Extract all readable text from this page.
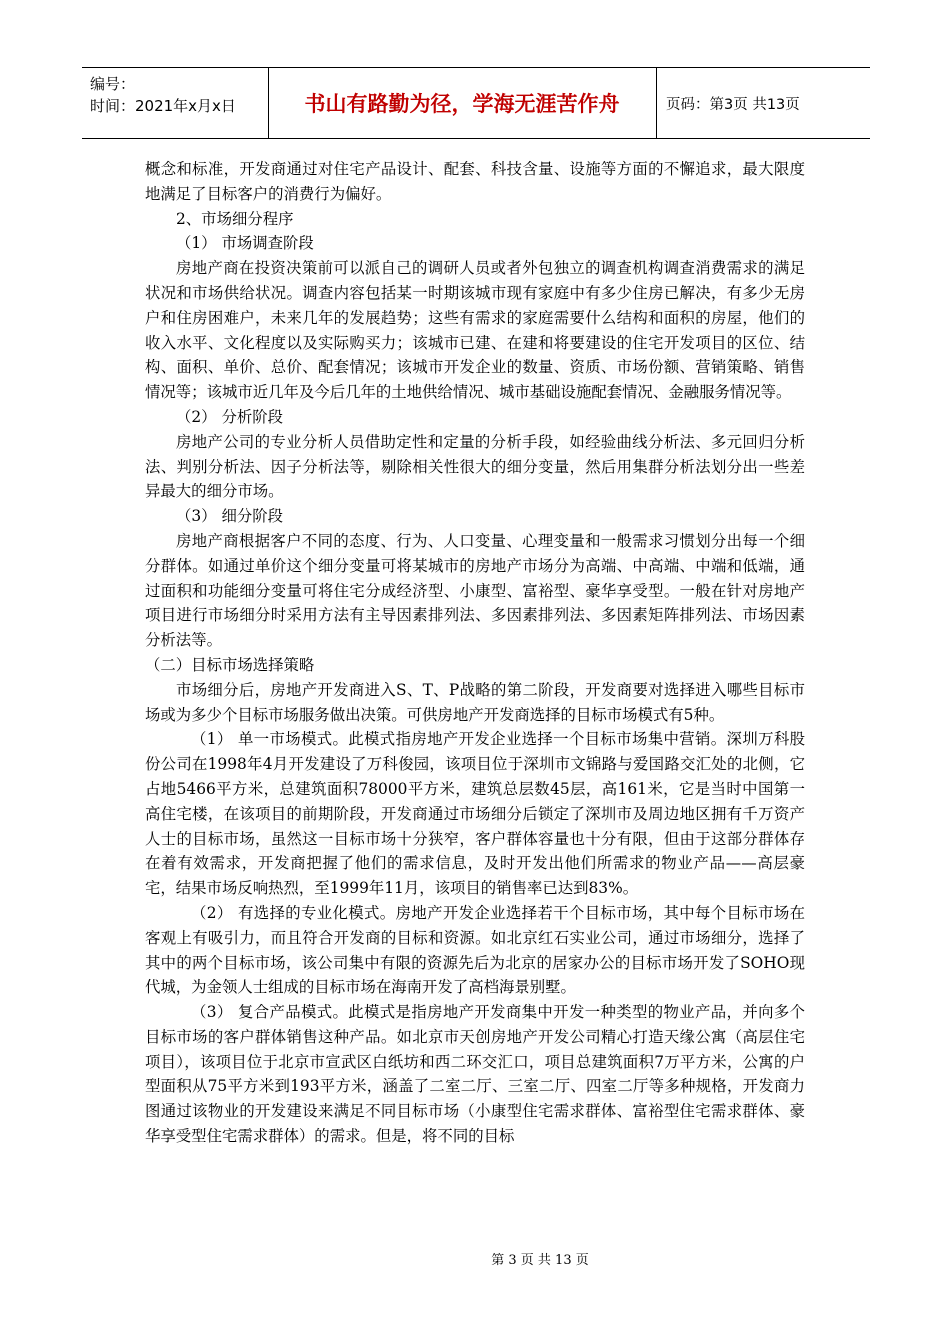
编号：
时间：2021年x月x日	书山有路勤为径，学海无涯苦作舟	页码：第3页 共13页

概念和标准，开发商通过对住宅产品设计、配套、科技含量、设施等方面的不懈追求，最大限度地满足了目标客户的消费行为偏好。

2、市场细分程序

（1） 市场调查阶段

房地产商在投资决策前可以派自己的调研人员或者外包独立的调查机构调查消费需求的满足状况和市场供给状况。调查内容包括某一时期该城市现有家庭中有多少住房已解决，有多少无房户和住房困难户，未来几年的发展趋势；这些有需求的家庭需要什么结构和面积的房屋，他们的收入水平、文化程度以及实际购买力；该城市已建、在建和将要建设的住宅开发项目的区位、结构、面积、单价、总价、配套情况；该城市开发企业的数量、资质、市场份额、营销策略、销售情况等；该城市近几年及今后几年的土地供给情况、城市基础设施配套情况、金融服务情况等。

（2） 分析阶段

房地产公司的专业分析人员借助定性和定量的分析手段，如经验曲线分析法、多元回归分析法、判别分析法、因子分析法等，剔除相关性很大的细分变量，然后用集群分析法划分出一些差异最大的细分市场。

（3） 细分阶段

房地产商根据客户不同的态度、行为、人口变量、心理变量和一般需求习惯划分出每一个细分群体。如通过单价这个细分变量可将某城市的房地产市场分为高端、中高端、中端和低端，通过面积和功能细分变量可将住宅分成经济型、小康型、富裕型、豪华享受型。一般在针对房地产项目进行市场细分时采用方法有主导因素排列法、多因素排列法、多因素矩阵排列法、市场因素分析法等。

（二）目标市场选择策略

市场细分后，房地产开发商进入S、T、P战略的第二阶段，开发商要对选择进入哪些目标市场或为多少个目标市场服务做出决策。可供房地产开发商选择的目标市场模式有5种。

（1） 单一市场模式。此模式指房地产开发企业选择一个目标市场集中营销。深圳万科股份公司在1998年4月开发建设了万科俊园，该项目位于深圳市文锦路与爱国路交汇处的北侧，它占地5466平方米，总建筑面积78000平方米，建筑总层数45层，高161米，它是当时中国第一高住宅楼，在该项目的前期阶段，开发商通过市场细分后锁定了深圳市及周边地区拥有千万资产人士的目标市场，虽然这一目标市场十分狭窄，客户群体容量也十分有限，但由于这部分群体存在着有效需求，开发商把握了他们的需求信息，及时开发出他们所需求的物业产品——高层豪宅，结果市场反响热烈，至1999年11月，该项目的销售率已达到83%。

（2） 有选择的专业化模式。房地产开发企业选择若干个目标市场，其中每个目标市场在客观上有吸引力，而且符合开发商的目标和资源。如北京红石实业公司，通过市场细分，选择了其中的两个目标市场，该公司集中有限的资源先后为北京的居家办公的目标市场开发了SOHO现代城，为金领人士组成的目标市场在海南开发了高档海景别墅。

（3） 复合产品模式。此模式是指房地产开发商集中开发一种类型的物业产品，并向多个目标市场的客户群体销售这种产品。如北京市天创房地产开发公司精心打造天缘公寓（高层住宅项目），该项目位于北京市宣武区白纸坊和西二环交汇口，项目总建筑面积7万平方米，公寓的户型面积从75平方米到193平方米，涵盖了二室二厅、三室二厅、四室二厅等多种规格，开发商力图通过该物业的开发建设来满足不同目标市场（小康型住宅需求群体、富裕型住宅需求群体、豪华享受型住宅需求群体）的需求。但是，将不同的目标

第 3 页 共 13 页
